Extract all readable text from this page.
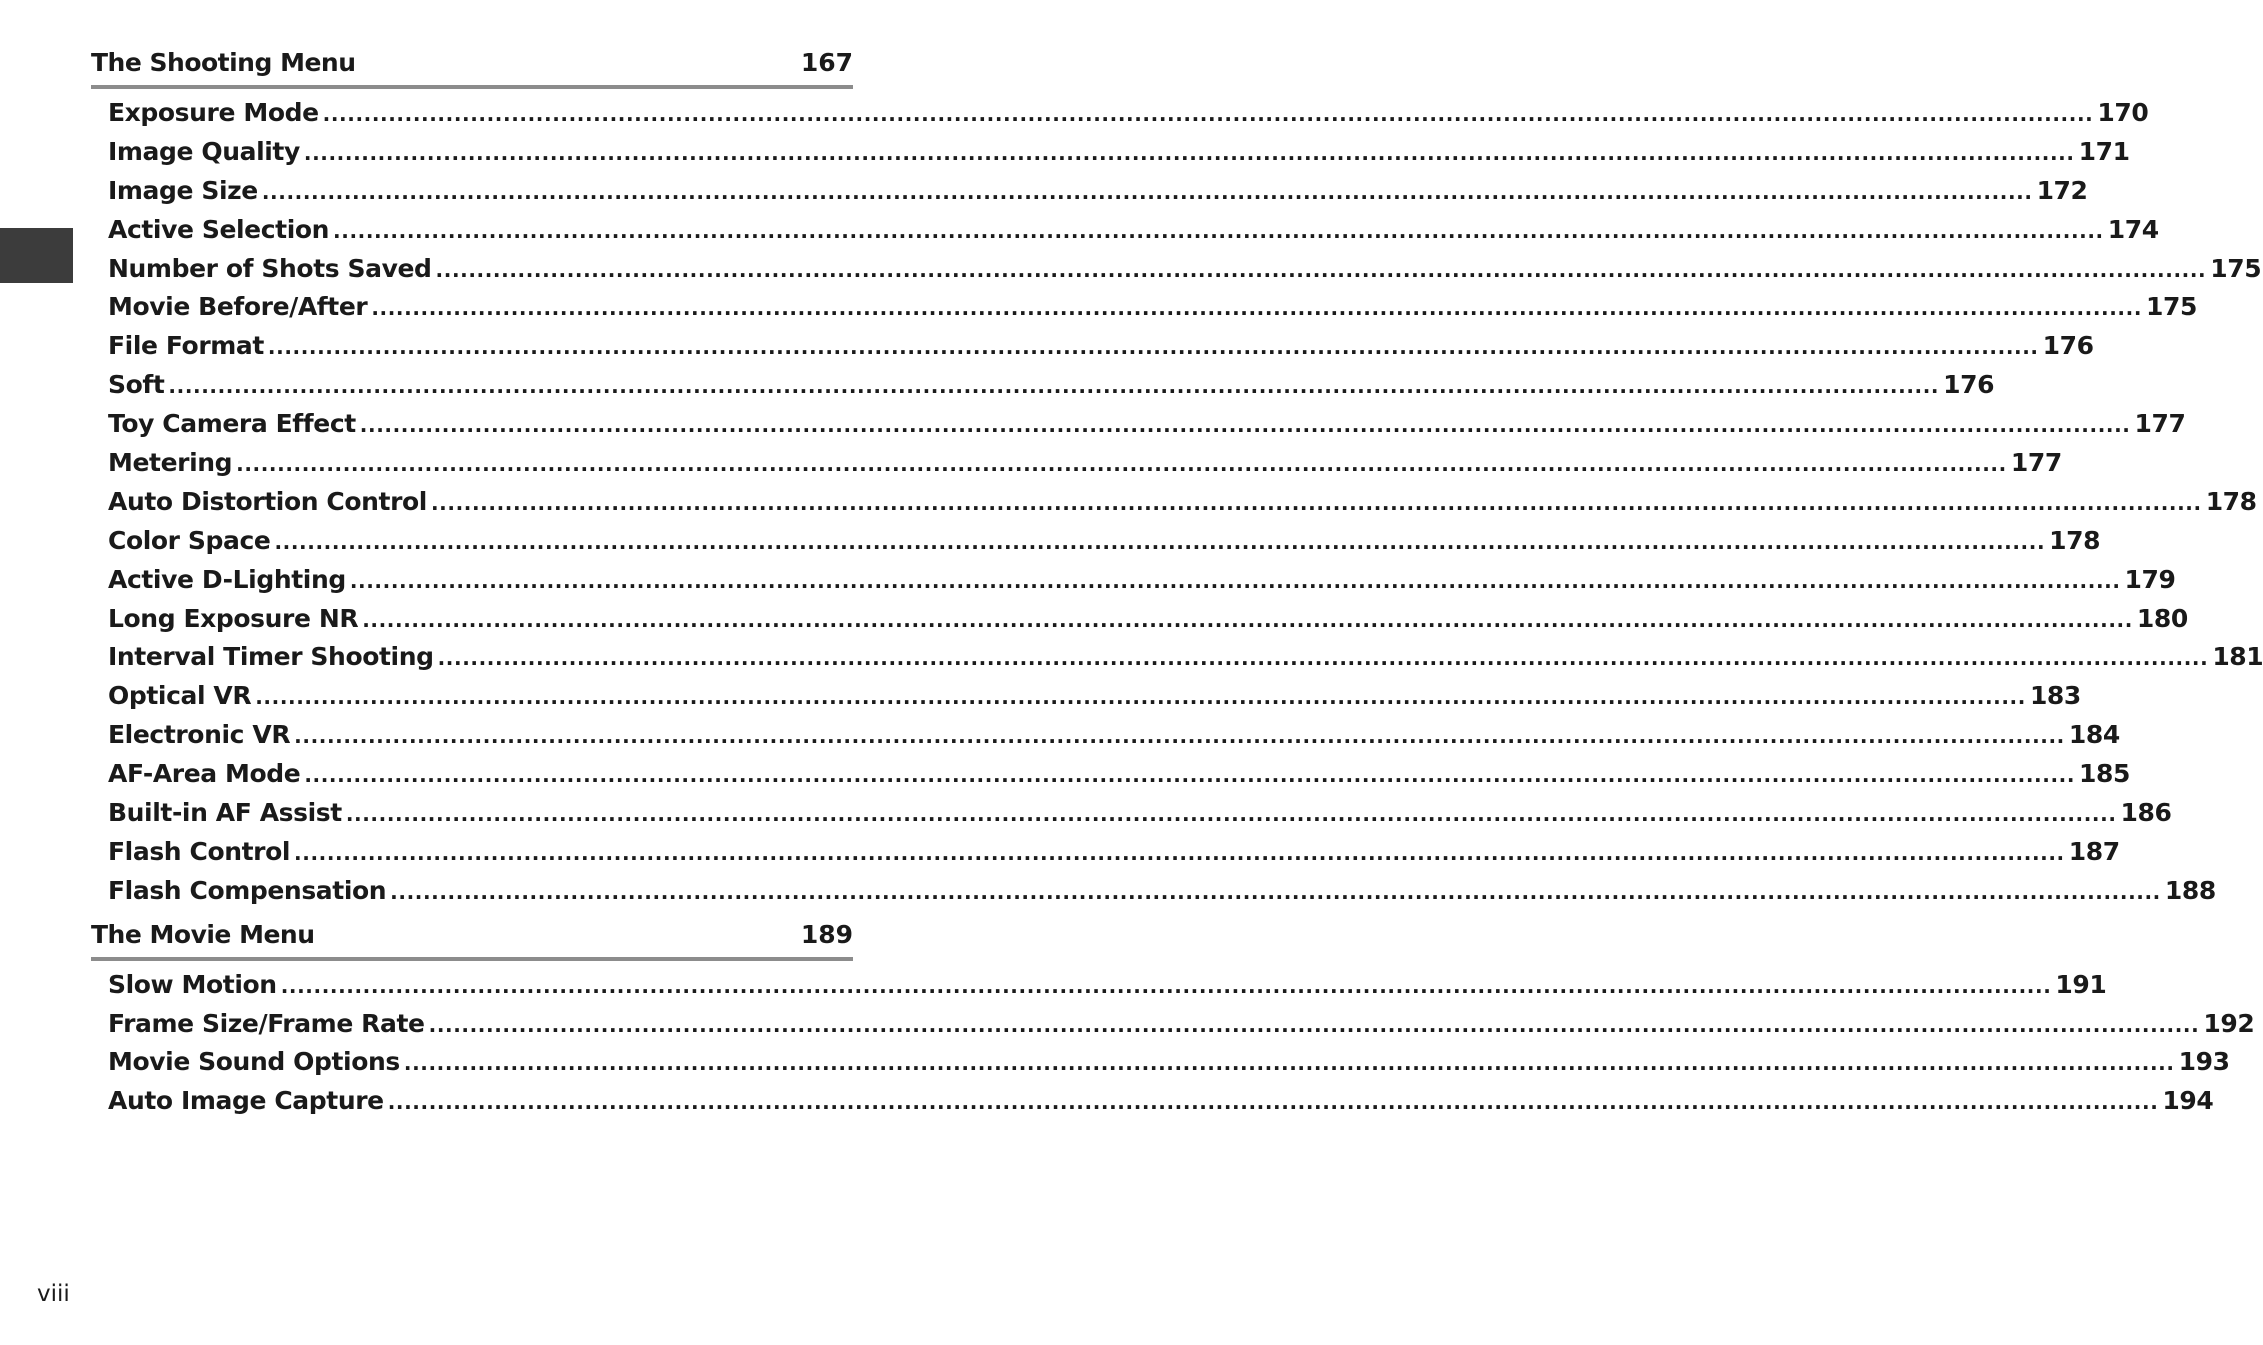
The Shooting Menu	167
Exposure Mode ........................................................................................................................................................................................................................ 170
Image Quality ........................................................................................................................................................................................................................ 171
Image Size ........................................................................................................................................................................................................................ 172
Active Selection ........................................................................................................................................................................................................................ 174
Number of Shots Saved ........................................................................................................................................................................................................................ 175
Movie Before/After ........................................................................................................................................................................................................................ 175
File Format ........................................................................................................................................................................................................................ 176
Soft ........................................................................................................................................................................................................................ 176
Toy Camera Effect ........................................................................................................................................................................................................................ 177
Metering ........................................................................................................................................................................................................................ 177
Auto Distortion Control ........................................................................................................................................................................................................................ 178
Color Space ........................................................................................................................................................................................................................ 178
Active D-Lighting ........................................................................................................................................................................................................................ 179
Long Exposure NR ........................................................................................................................................................................................................................ 180
Interval Timer Shooting ........................................................................................................................................................................................................................ 181
Optical VR ........................................................................................................................................................................................................................ 183
Electronic VR ........................................................................................................................................................................................................................ 184
AF-Area Mode ........................................................................................................................................................................................................................ 185
Built-in AF Assist ........................................................................................................................................................................................................................ 186
Flash Control ........................................................................................................................................................................................................................ 187
Flash Compensation ........................................................................................................................................................................................................................ 188
The Movie Menu	189
Slow Motion ........................................................................................................................................................................................................................ 191
Frame Size/Frame Rate ........................................................................................................................................................................................................................ 192
Movie Sound Options ........................................................................................................................................................................................................................ 193
Auto Image Capture ........................................................................................................................................................................................................................ 194
viii
